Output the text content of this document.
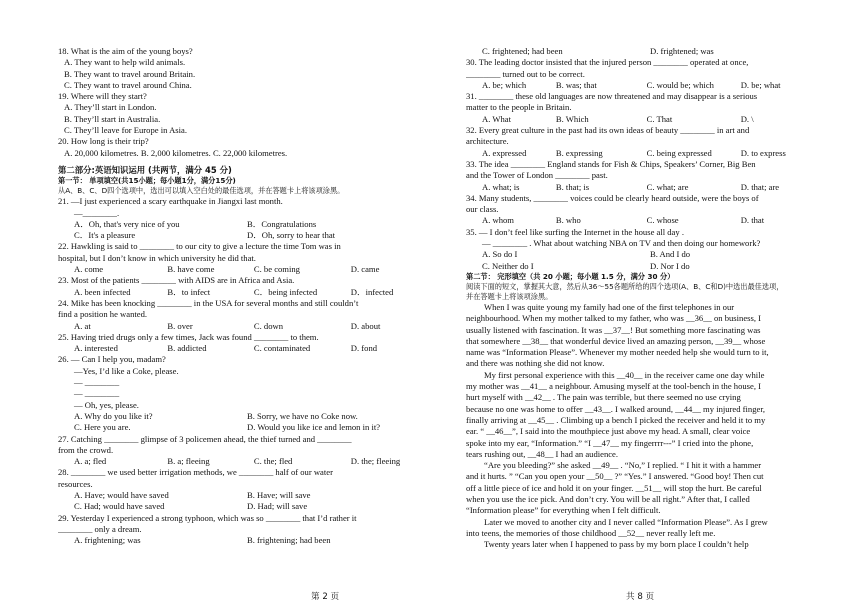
18. What is the aim of the young boys?
A. They want to help wild animals.
B. They want to travel around Britain.
C. They want to travel around China.
19. Where will they start?
A. They’ll start in London.
B. They’ll start in Australia.
C. They’ll leave for Europe in Asia.
20. How long is their trip?
A. 20,000 kilometres. B. 2,000 kilometres. C. 22,000 kilometres.
第二部分:英语知识运用 (共两节，满分 45 分)
第一节： 单项填空(共15小题；每小题1分，满分15分)
从A、B、C、D四个选项中，选出可以填入空白处的最佳选项，并在答题卡上将该项涂黑。
21. —I just experienced a scary earthquake in Jiangxi last month.
—________.
A．Oh, that's very nice of you	B．Congratulations
C．It's a pleasure	D．Oh, sorry to hear that
22. Hawkling is said to ________ to our city to give a lecture the time Tom was in
hospital, but I don’t know in which university he did that.
A. come	B. have come	C. be coming	D. came
23. Most of the patients ________ with AIDS are in Africa and Asia.
A. been infected	B．to infect	C．being infected	D．infected
24. Mike has been knocking ________ in the USA for several months and still couldn’t
find a position he wanted.
A. at	B. over	C. down	D. about
25. Having tried drugs only a few times, Jack was found ________ to them.
A. interested	B. addicted	C. contaminated	D. fond
26. — Can I help you, madam?
—Yes, I’d like a Coke, please.
— ________
— ________
— Oh, yes, please.
A. Why do you like it?	B. Sorry, we have no Coke now.
C. Here you are.	D. Would you like ice and lemon in it?
27. Catching ________ glimpse of 3 policemen ahead, the thief turned and ________
from the crowd.
A. a; fled	B. a; fleeing	C. the; fled	D. the; fleeing
28. ________ we used better irrigation methods, we ________ half of our water
resources.
A. Have; would have saved	B. Have; will save
C. Had; would have saved	D. Had; will save
29. Yesterday I experienced a strong typhoon, which was so ________ that I’d rather it
________ only a dream.
A. frightening; was	B. frightening; had been
C. frightened; had been	D. frightened; was
30. The leading doctor insisted that the injured person ________ operated at once,
________ turned out to be correct.
A. be; which	B. was; that	C. would be; which	D. be; what
31. ________ these old languages are now threatened and may disappear is a serious
matter to the people in Britain.
A. What	B. Which	C. That	D. \
32. Every great culture in the past had its own ideas of beauty ________ in art and
architecture.
A. expressed	B. expressing	C. being expressed	D. to express
33. The idea ________ England stands for Fish & Chips, Speakers’ Corner, Big Ben
and the Tower of London ________ past.
A. what; is	B. that; is	C. what; are	D. that; are
34. Many students, ________ voices could be clearly heard outside, were the boys of
our class.
A. whom	B. who	C. whose	D. that
35. — I don’t feel like surfing the Internet in the house all day .
— ________ . What about watching NBA on TV and then doing our homework?
A. So do I	B. And I do
C. Neither do I	D. Nor I do
第二节： 完形填空（共 20 小题；每小题 1.5 分，满分 30 分）
阅读下面的短文，掌握其大意，然后从36～55各题所给的四个选项(A、B、C和D)中选出最佳选项，
并在答题卡上将该项涂黑。
When I was quite young my family had one of the first telephones in our
neighbourhood. When my mother talked to my father, who was __36__ on business, I
usually listened with fascination. It was __37__! But something more fascinating was
that somewhere __38__ that wonderful device lived an amazing person, __39__ whose
name was “Information Please”. Whenever my mother needed help she would turn to it,
and there was nothing she did not know.
My first personal experience with this __40__ in the receiver came one day while
my mother was __41__ a neighbour. Amusing myself at the tool-bench in the house, I
hurt myself with __42__ . The pain was terrible, but there seemed no use crying
because no one was home to offer __43__. I walked around, __44__ my injured finger,
finally arriving at __45__ . Climbing up a bench I picked the receiver and held it to my
ear. “ __46__”, I said into the mouthpiece just above my head. A small, clear voice
spoke into my ear, “Information.” “I __47__ my fingerrrr---” I cried into the phone,
tears rushing out, __48__ I had an audience.
“Are you bleeding?” she asked __49__ . “No,” I replied. “ I hit it with a hammer
and it hurts. ” “Can you open your __50__ ?” “Yes.” I answered. “Good boy! Then cut
off a little piece of ice and hold it on your finger. __51__ will stop the hurt. Be careful
when you use the ice pick. And don’t cry. You will be all right.” After that, I called
“Information please” for everything when I felt difficult.
Later we moved to another city and I never called “Information Please”. As I grew
into teens, the memories of those childhood __52__ never really left me.
Twenty years later when I happened to pass by my born place I couldn’t help
第 2 页	共 8 页
